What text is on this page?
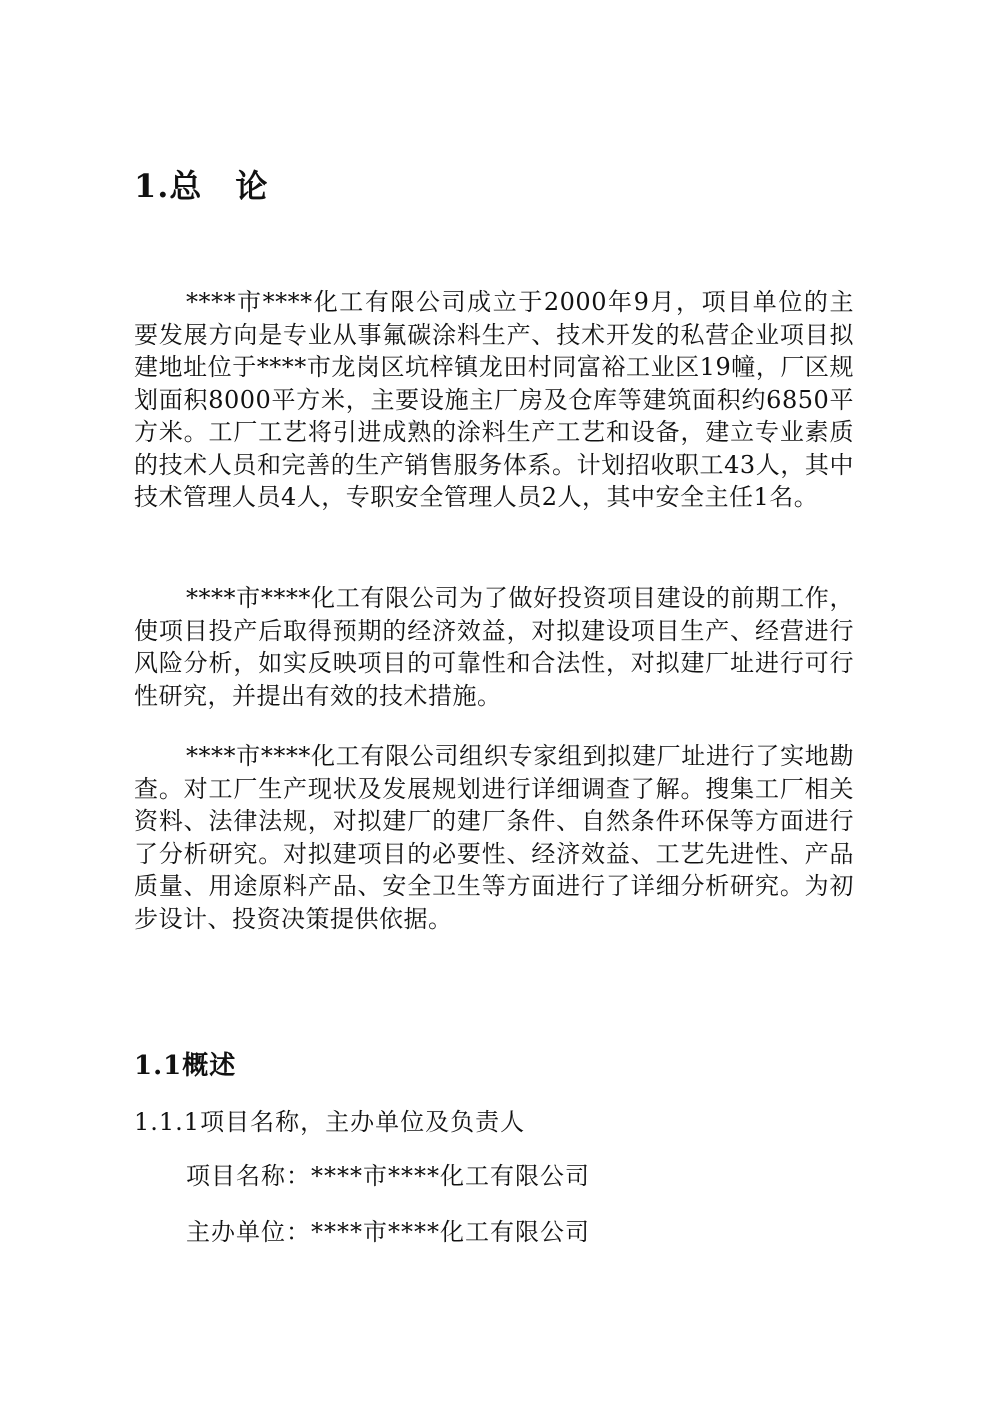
1.总　论

****市****化工有限公司成立于2000年9月，项目单位的主要发展方向是专业从事氟碳涂料生产、技术开发的私营企业项目拟建地址位于****市龙岗区坑梓镇龙田村同富裕工业区19幢，厂区规划面积8000平方米，主要设施主厂房及仓库等建筑面积约6850平方米。工厂工艺将引进成熟的涂料生产工艺和设备，建立专业素质的技术人员和完善的生产销售服务体系。计划招收职工43人，其中技术管理人员4人，专职安全管理人员2人，其中安全主任1名。

****市****化工有限公司为了做好投资项目建设的前期工作，使项目投产后取得预期的经济效益，对拟建设项目生产、经营进行风险分析，如实反映项目的可靠性和合法性，对拟建厂址进行可行性研究，并提出有效的技术措施。

****市****化工有限公司组织专家组到拟建厂址进行了实地勘查。对工厂生产现状及发展规划进行详细调查了解。搜集工厂相关资料、法律法规，对拟建厂的建厂条件、自然条件环保等方面进行了分析研究。对拟建项目的必要性、经济效益、工艺先进性、产品质量、用途原料产品、安全卫生等方面进行了详细分析研究。为初步设计、投资决策提供依据。

1.1概述
1.1.1项目名称，主办单位及负责人

项目名称：****市****化工有限公司

主办单位：****市****化工有限公司
